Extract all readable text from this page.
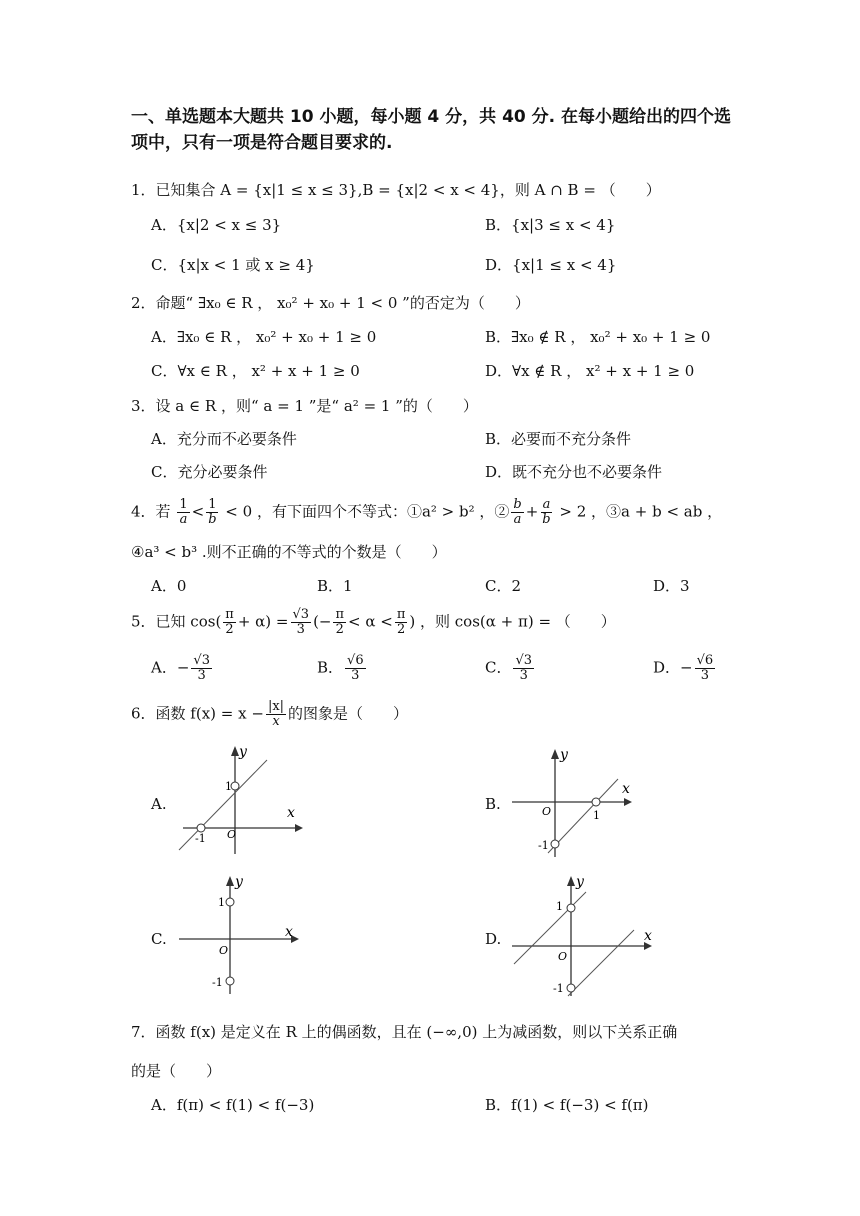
一、单选题本大题共 10 小题，每小题 4 分，共 40 分. 在每小题给出的四个选项中，只有一项是符合题目要求的.
1．已知集合 A = {x|1 ≤ x ≤ 3},B = {x|2 < x < 4}，则 A ∩ B = （　　）
A．{x|2 < x ≤ 3}	B．{x|3 ≤ x < 4}
C．{x|x < 1 或 x ≥ 4}	D．{x|1 ≤ x < 4}
2．命题“ ∃x₀ ∈ R ， x₀² + x₀ + 1 < 0 ”的否定为（　　）
A．∃x₀ ∈ R ， x₀² + x₀ + 1 ≥ 0	B．∃x₀ ∉ R ， x₀² + x₀ + 1 ≥ 0
C．∀x ∈ R ， x² + x + 1 ≥ 0	D．∀x ∉ R ， x² + x + 1 ≥ 0
3．设 a ∈ R ，则“ a = 1 ”是“ a² = 1 ”的（　　）
A．充分而不必要条件	B．必要而不充分条件
C．充分必要条件	D．既不充分也不必要条件
4．若 $\frac{1}{a} < \frac{1}{b} < 0$ ，有下面四个不等式：①a² > b² ，② $\frac{b}{a} + \frac{a}{b} > 2$ ，③a + b < ab ，
④a³ < b³ .则不正确的不等式的个数是（　　）
A．0	B．1	C．2	D．3
5．已知 $\cos( \frac{\pi}{2} + \alpha) = \frac{√3}{3}$ (− $\frac{\pi}{2} < \alpha < \frac{\pi}{2}$ ) ，则 cos(α + π) = （　　）
A．− $\frac{√3}{3}$	B． $\frac{√6}{3}$	C． $\frac{√3}{3}$	D．− $\frac{√6}{3}$
6．函数 $f(x) = x - \frac{|x|}{x}$ 的图象是（　　）
A.	B.
C.	D.
x
y
O
1
-1
x
y
O	1
-1
x
y
O
1
-1
x
y
O
1
-1
7．函数 f(x) 是定义在 R 上的偶函数，且在 (−∞,0) 上为减函数，则以下关系正确
的是（　　）
A．f(π) < f(1) < f(−3)	B．f(1) < f(−3) < f(π)
